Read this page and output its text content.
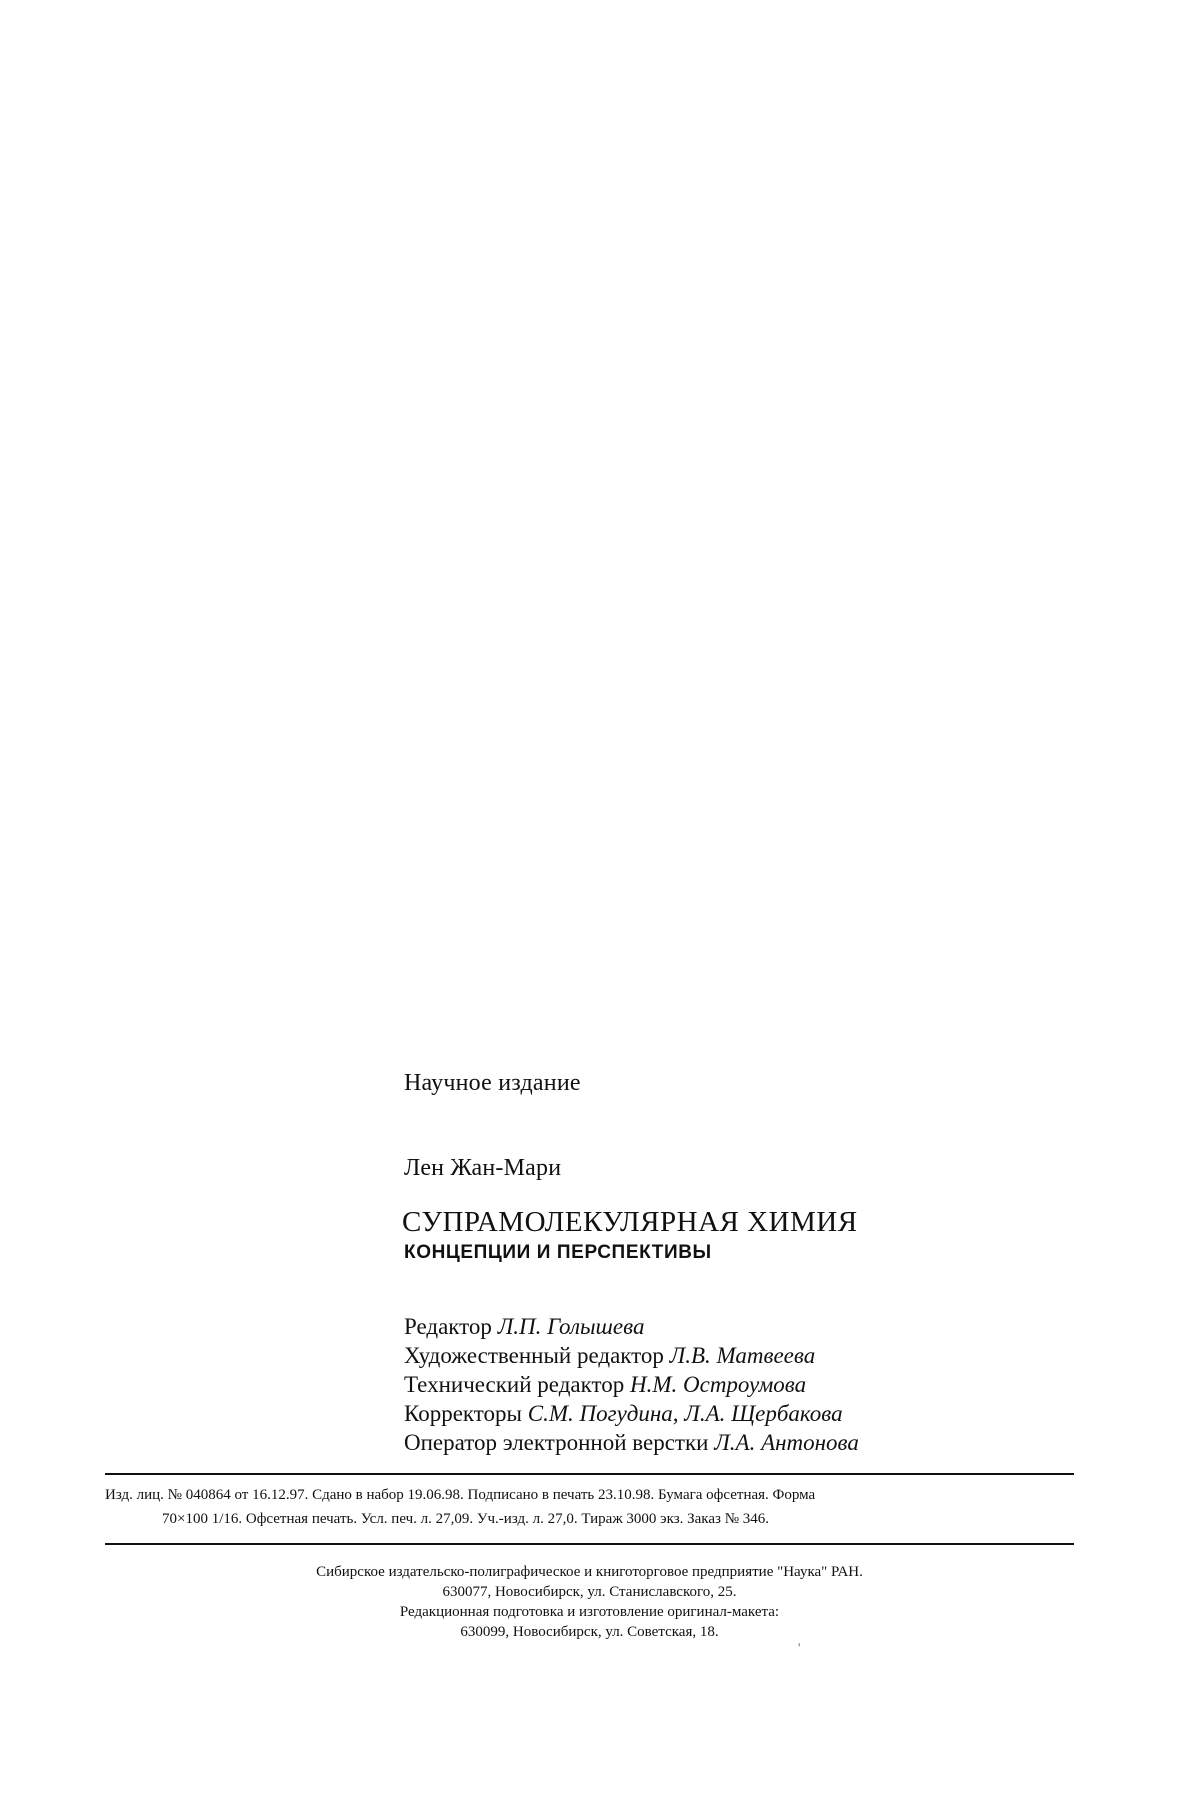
Научное издание
Лен Жан-Мари
СУПРАМОЛЕКУЛЯРНАЯ ХИМИЯ
КОНЦЕПЦИИ И ПЕРСПЕКТИВЫ
Редактор Л.П. Голышева
Художественный редактор Л.В. Матвеева
Технический редактор Н.М. Остроумова
Корректоры С.М. Погудина, Л.А. Щербакова
Оператор электронной верстки Л.А. Антонова
Изд. лиц. № 040864 от 16.12.97. Сдано в набор 19.06.98. Подписано в печать 23.10.98. Бумага офсетная. Форма
70×100 1/16. Офсетная печать. Усл. печ. л. 27,09. Уч.-изд. л. 27,0. Тираж 3000 экз. Заказ № 346.
Сибирское издательско-полиграфическое и книготорговое предприятие "Наука" РАН.
630077, Новосибирск, ул. Станиславского, 25.
Редакционная подготовка и изготовление оригинал-макета:
630099, Новосибирск, ул. Советская, 18.
'
